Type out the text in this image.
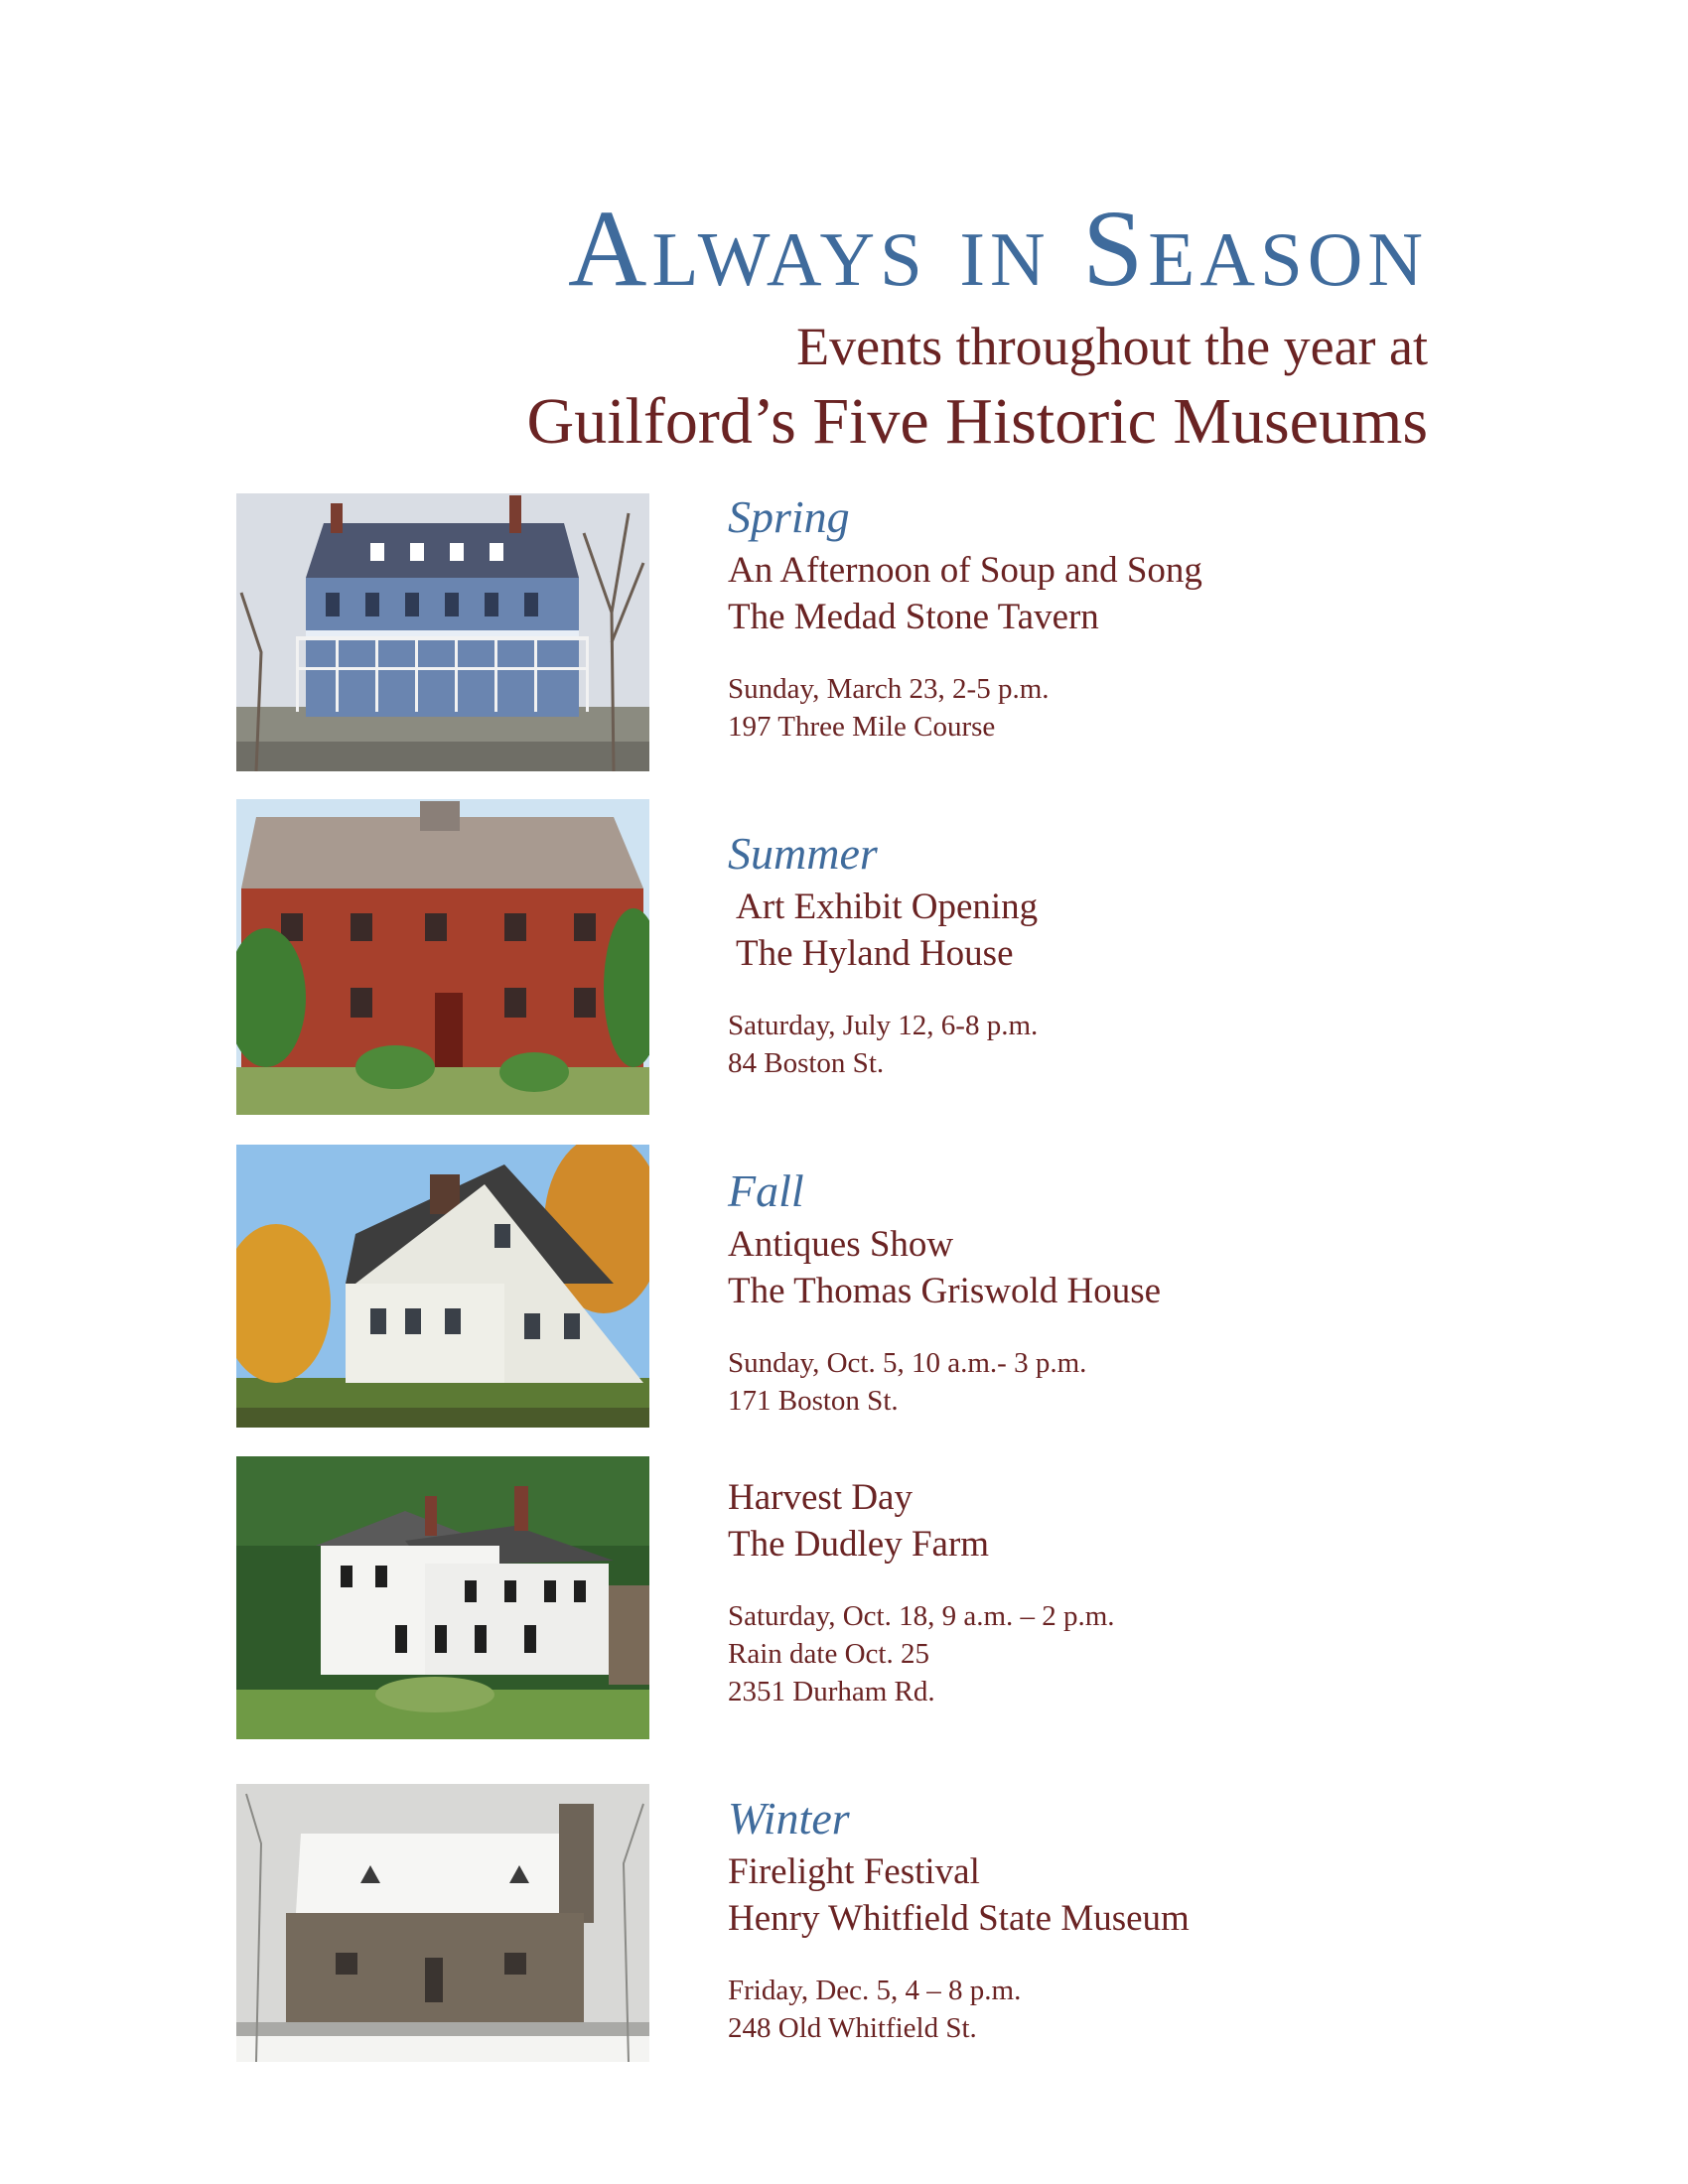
Always in Season
Events throughout the year at
Guilford’s Five Historic Museums
Spring
An Afternoon of Soup and Song
The Medad Stone Tavern
Sunday, March 23, 2-5 p.m.
197 Three Mile Course
Summer
Art Exhibit Opening
The Hyland House
Saturday, July 12, 6-8 p.m.
84 Boston St.
Fall
Antiques Show
The Thomas Griswold House
Sunday, Oct. 5, 10 a.m.- 3 p.m.
171 Boston St.
Harvest Day
The Dudley Farm
Saturday, Oct. 18, 9 a.m. – 2 p.m.
Rain date Oct. 25
2351 Durham Rd.
Winter
Firelight Festival
Henry Whitfield State Museum
Friday, Dec. 5, 4 – 8 p.m.
248 Old Whitfield St.
